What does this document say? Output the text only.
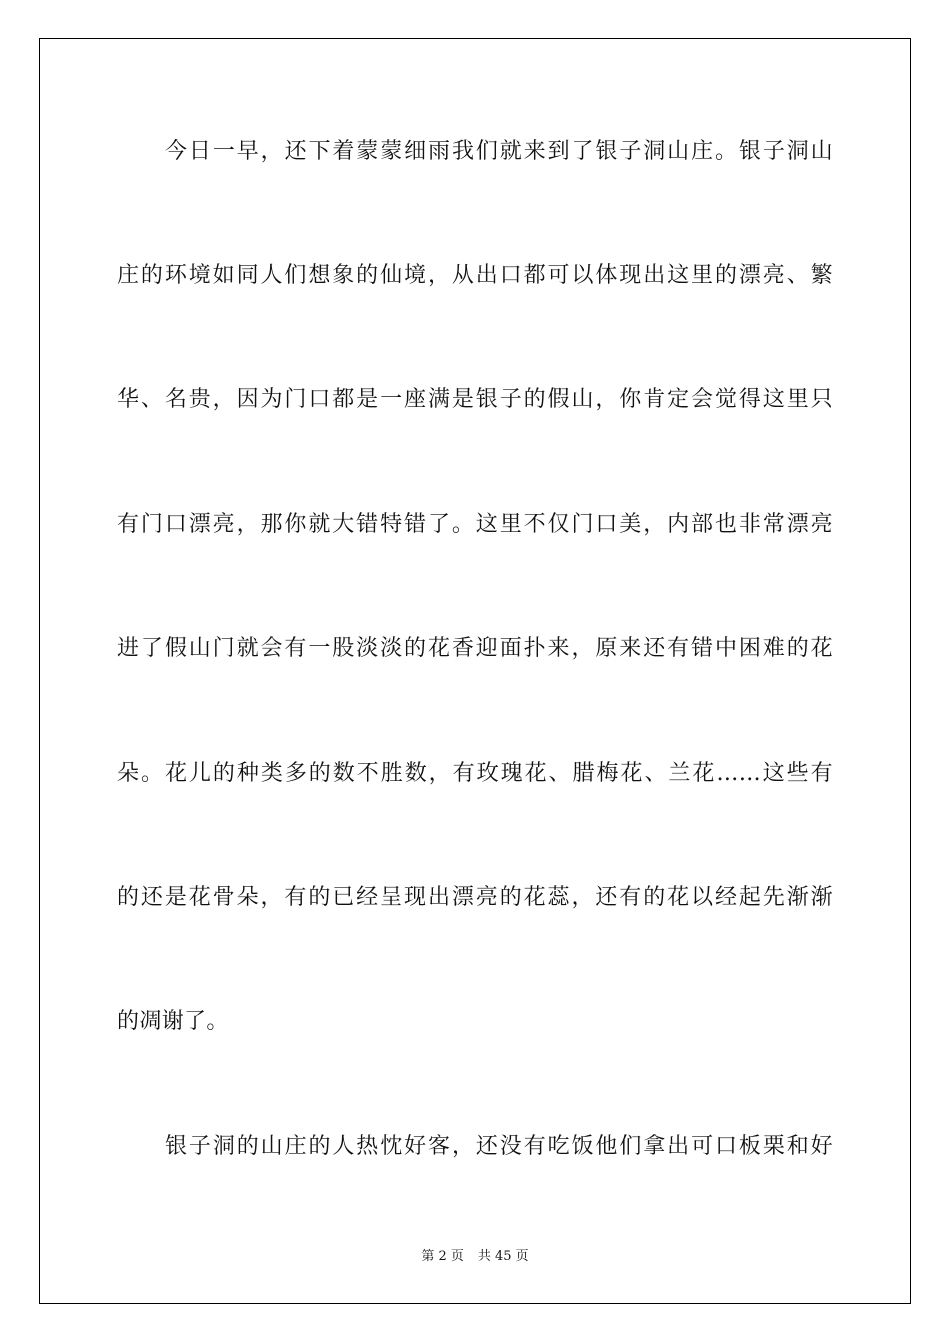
今日一早，还下着蒙蒙细雨我们就来到了银子洞山庄。银子洞山

庄的环境如同人们想象的仙境，从出口都可以体现出这里的漂亮、繁

华、名贵，因为门口都是一座满是银子的假山，你肯定会觉得这里只

有门口漂亮，那你就大错特错了。这里不仅门口美，内部也非常漂亮

进了假山门就会有一股淡淡的花香迎面扑来，原来还有错中困难的花

朵。花儿的种类多的数不胜数，有玫瑰花、腊梅花、兰花……这些有

的还是花骨朵，有的已经呈现出漂亮的花蕊，还有的花以经起先渐渐

的凋谢了。

银子洞的山庄的人热忱好客，还没有吃饭他们拿出可口板栗和好

第 2 页 共 45 页
